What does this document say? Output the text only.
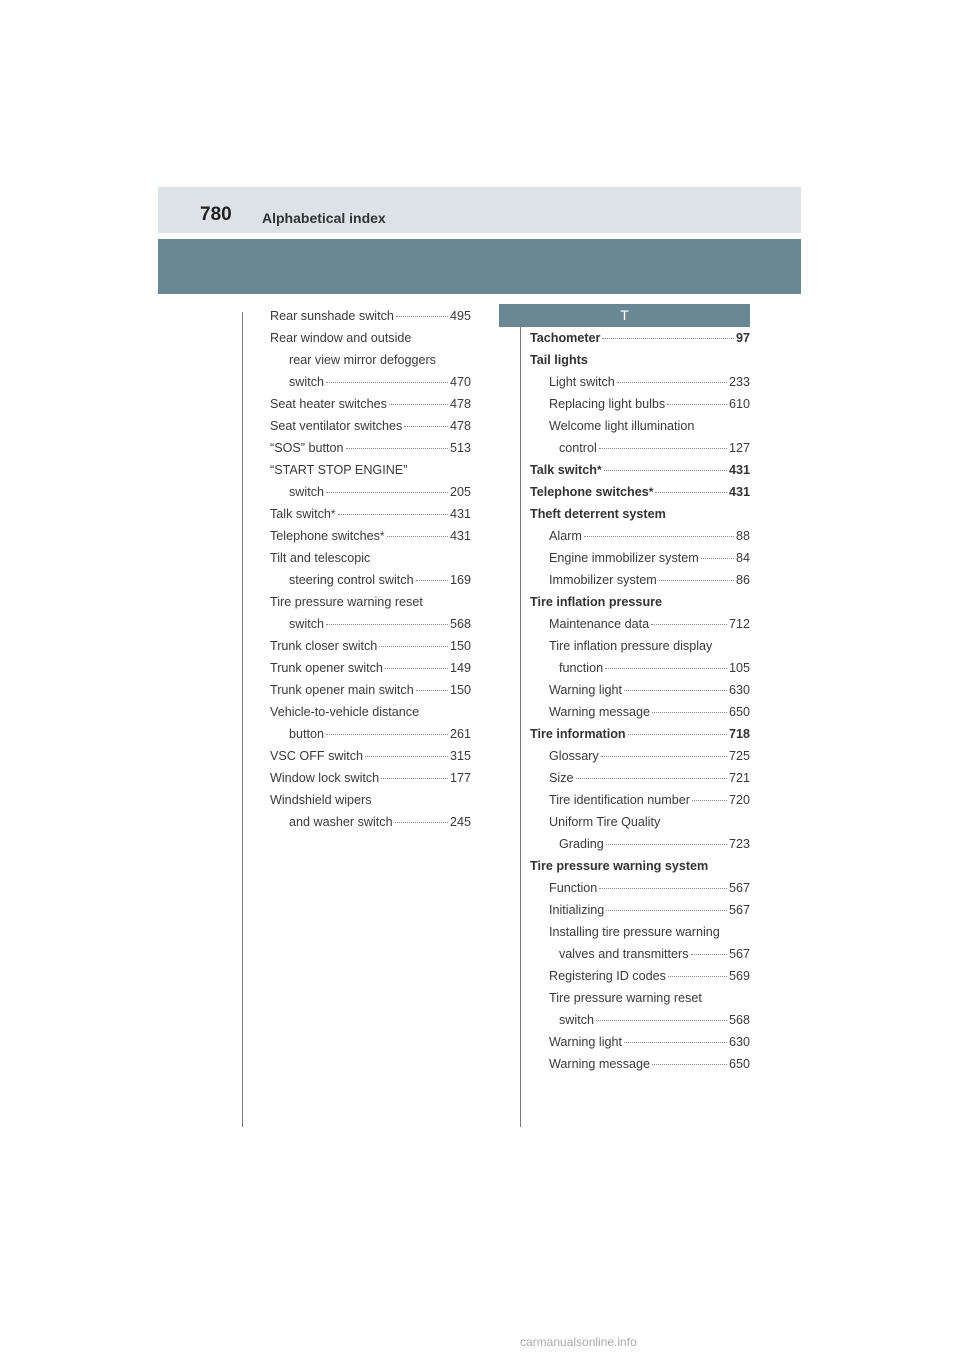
780 Alphabetical index
Rear sunshade switch	495
Rear window and outside
rear view mirror defoggers
switch	470
Seat heater switches	478
Seat ventilator switches	478
“SOS” button	513
“START STOP ENGINE”
switch	205
Talk switch *	431
Telephone switches *	431
Tilt and telescopic
steering control switch	169
Tire pressure warning reset
switch	568
Trunk closer switch	150
Trunk opener switch	149
Trunk opener main switch	150
Vehicle-to-vehicle distance
button	261
VSC OFF switch	315
Window lock switch	177
Windshield wipers
and washer switch	245
T
Tachometer	97
Tail lights
Light switch	233
Replacing light bulbs	610
Welcome light illumination
control	127
Talk switch *	431
Telephone switches *	431
Theft deterrent system
Alarm	88
Engine immobilizer system	84
Immobilizer system	86
Tire inflation pressure
Maintenance data	712
Tire inflation pressure display
function	105
Warning light	630
Warning message	650
Tire information	718
Glossary	725
Size	721
Tire identification number	720
Uniform Tire Quality
Grading	723
Tire pressure warning system
Function	567
Initializing	567
Installing tire pressure warning
valves and transmitters	567
Registering ID codes	569
Tire pressure warning reset
switch	568
Warning light	630
Warning message	650
carmanualsonline.info
